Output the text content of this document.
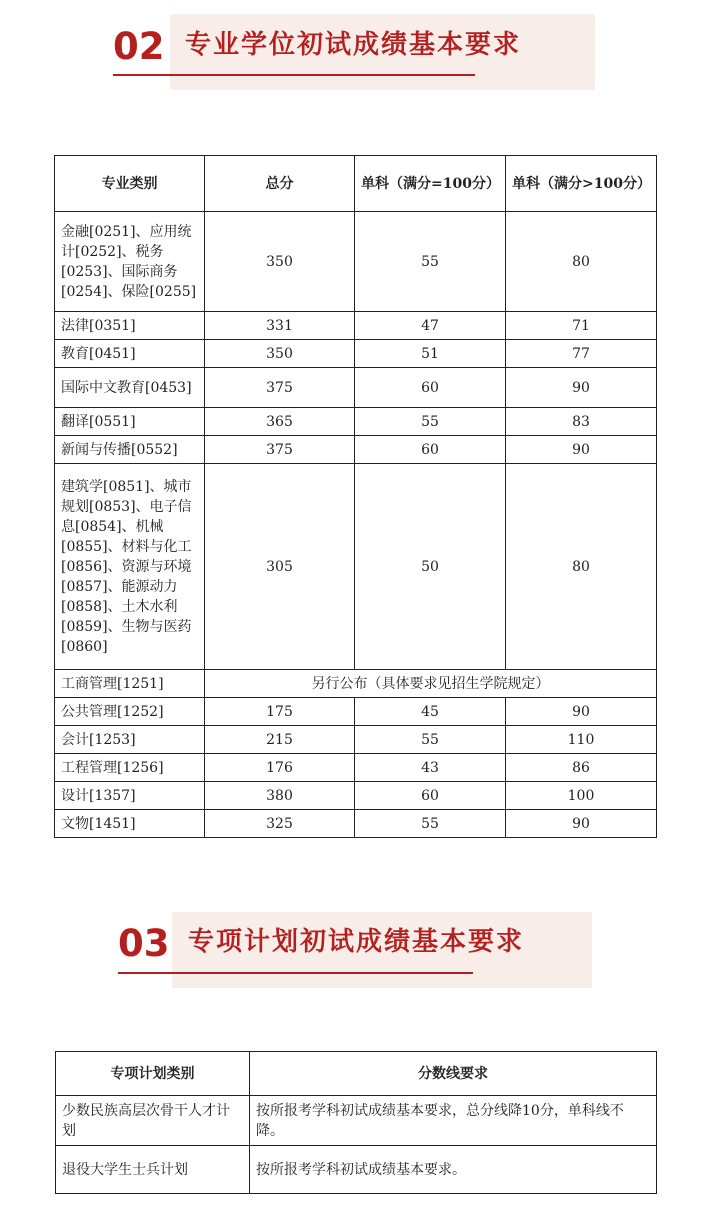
02 专业学位初试成绩基本要求
专业类别	总分	单科（满分=100分）	单科（满分>100分）
金融[0251]、应用统计[0252]、税务[0253]、国际商务[0254]、保险[0255]	350	55	80
法律[0351]	331	47	71
教育[0451]	350	51	77
国际中文教育[0453]	375	60	90
翻译[0551]	365	55	83
新闻与传播[0552]	375	60	90
建筑学[0851]、城市规划[0853]、电子信息[0854]、机械[0855]、材料与化工[0856]、资源与环境[0857]、能源动力[0858]、土木水利[0859]、生物与医药[0860]	305	50	80
工商管理[1251]	另行公布（具体要求见招生学院规定）		
公共管理[1252]	175	45	90
会计[1253]	215	55	110
工程管理[1256]	176	43	86
设计[1357]	380	60	100
文物[1451]	325	55	90
03 专项计划初试成绩基本要求
专项计划类别	分数线要求
少数民族高层次骨干人才计划	按所报考学科初试成绩基本要求，总分线降10分，单科线不降。
退役大学生士兵计划	按所报考学科初试成绩基本要求。
